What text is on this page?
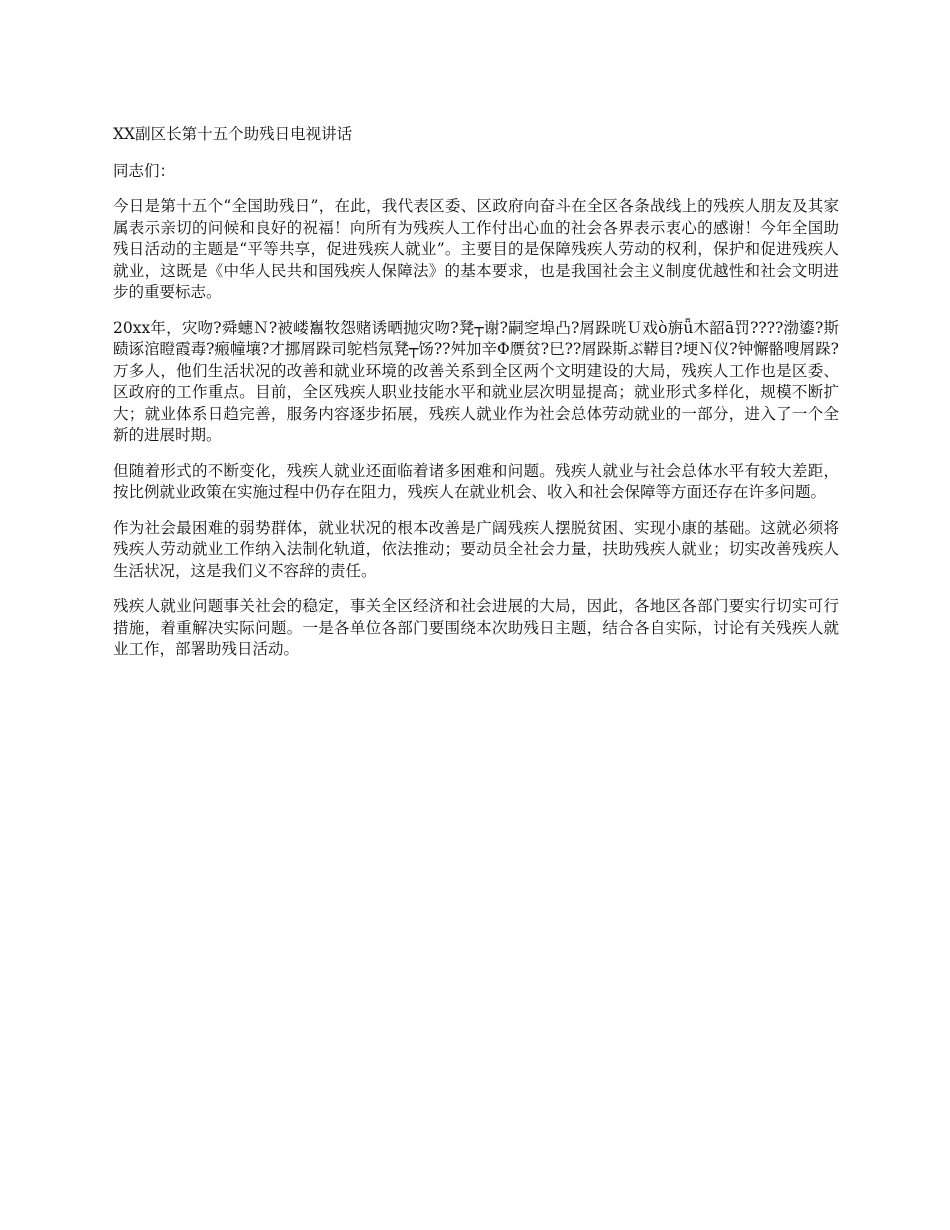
XX副区长第十五个助残日电视讲话

同志们：

今日是第十五个“全国助残日”，在此，我代表区委、区政府向奋斗在全区各条战线上的残疾人朋友及其家属表示亲切的问候和良好的祝福！向所有为残疾人工作付出心血的社会各界表示衷心的感谢！今年全国助残日活动的主题是“平等共享，促进残疾人就业”。主要目的是保障残疾人劳动的权利，保护和促进残疾人就业，这既是《中华人民共和国残疾人保障法》的基本要求，也是我国社会主义制度优越性和社会文明进步的重要标志。

20xx年，灾吻?舜蟪Ｎ?被嵝雟牧怨赌诱晒抛灾吻?凳┬谢?嗣窆埠凸?屑跺咣Ｕ戏ò旃ǖ木韶ā罚????渤鎏?斯赜诼涫瞪霞毒?瘢幢壤?才挪屑跺司鸵档氖凳┬饧??舛加辛Φ赝贫?巳??屑跺斯ぶ鞯目?埂Ｎ仪?钟懈骼嗖屑跺?万多人，他们生活状况的改善和就业环境的改善关系到全区两个文明建设的大局，残疾人工作也是区委、区政府的工作重点。目前，全区残疾人职业技能水平和就业层次明显提高；就业形式多样化，规模不断扩大；就业体系日趋完善，服务内容逐步拓展，残疾人就业作为社会总体劳动就业的一部分，进入了一个全新的进展时期。

但随着形式的不断变化，残疾人就业还面临着诸多困难和问题。残疾人就业与社会总体水平有较大差距，按比例就业政策在实施过程中仍存在阻力，残疾人在就业机会、收入和社会保障等方面还存在许多问题。

作为社会最困难的弱势群体，就业状况的根本改善是广阔残疾人摆脱贫困、实现小康的基础。这就必须将残疾人劳动就业工作纳入法制化轨道，依法推动；要动员全社会力量，扶助残疾人就业；切实改善残疾人生活状况，这是我们义不容辞的责任。

残疾人就业问题事关社会的稳定，事关全区经济和社会进展的大局，因此，各地区各部门要实行切实可行措施，着重解决实际问题。一是各单位各部门要围绕本次助残日主题，结合各自实际，讨论有关残疾人就业工作，部署助残日活动。
